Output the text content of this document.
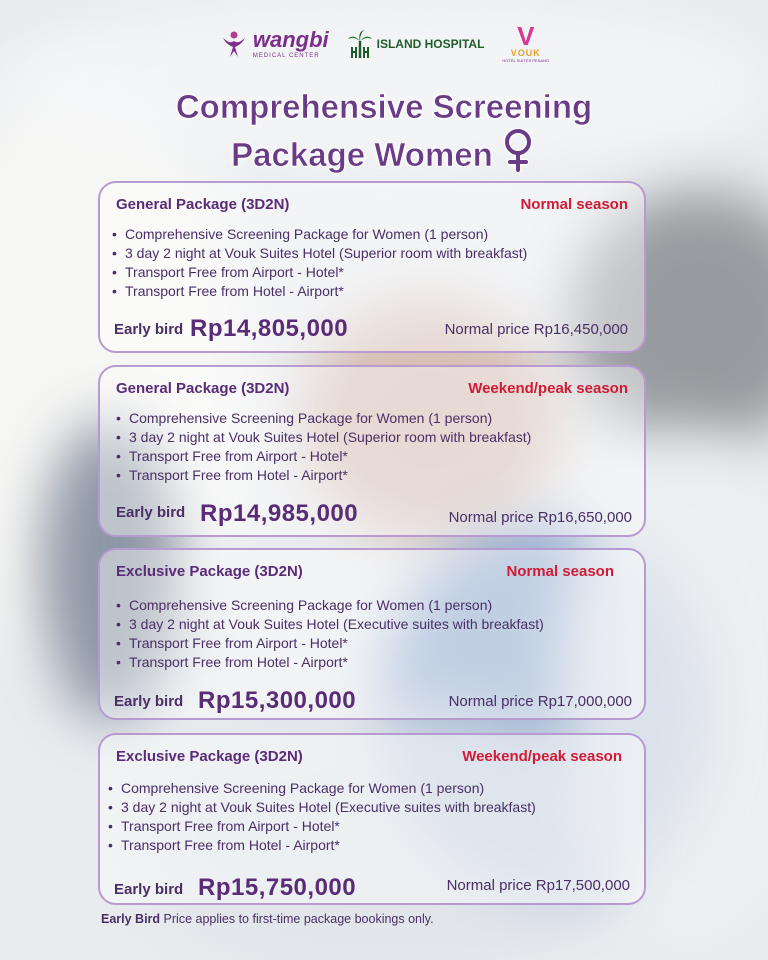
wangbi
MEDICAL CENTER
ISLAND HOSPITAL V
VOUK
HOTEL SUITES PENANG
Comprehensive Screening
Package Women
General Package (3D2N)	Normal season
• Comprehensive Screening Package for Women (1 person)
• 3 day 2 night at Vouk Suites Hotel (Superior room with breakfast)
• Transport Free from Airport - Hotel*
• Transport Free from Hotel - Airport*
Early bird Rp14,805,000	Normal price Rp16,450,000
General Package (3D2N)	Weekend/peak season
• Comprehensive Screening Package for Women (1 person)
• 3 day 2 night at Vouk Suites Hotel (Superior room with breakfast)
• Transport Free from Airport - Hotel*
• Transport Free from Hotel - Airport*
Early bird Rp14,985,000	Normal price Rp16,650,000
Exclusive Package (3D2N)	Normal season
• Comprehensive Screening Package for Women (1 person)
• 3 day 2 night at Vouk Suites Hotel (Executive suites with breakfast)
• Transport Free from Airport - Hotel*
• Transport Free from Hotel - Airport*
Early bird Rp15,300,000	Normal price Rp17,000,000
Exclusive Package (3D2N)	Weekend/peak season
• Comprehensive Screening Package for Women (1 person)
• 3 day 2 night at Vouk Suites Hotel (Executive suites with breakfast)
• Transport Free from Airport - Hotel*
• Transport Free from Hotel - Airport*
Early bird Rp15,750,000	Normal price Rp17,500,000
Early Bird Price applies to first-time package bookings only.
